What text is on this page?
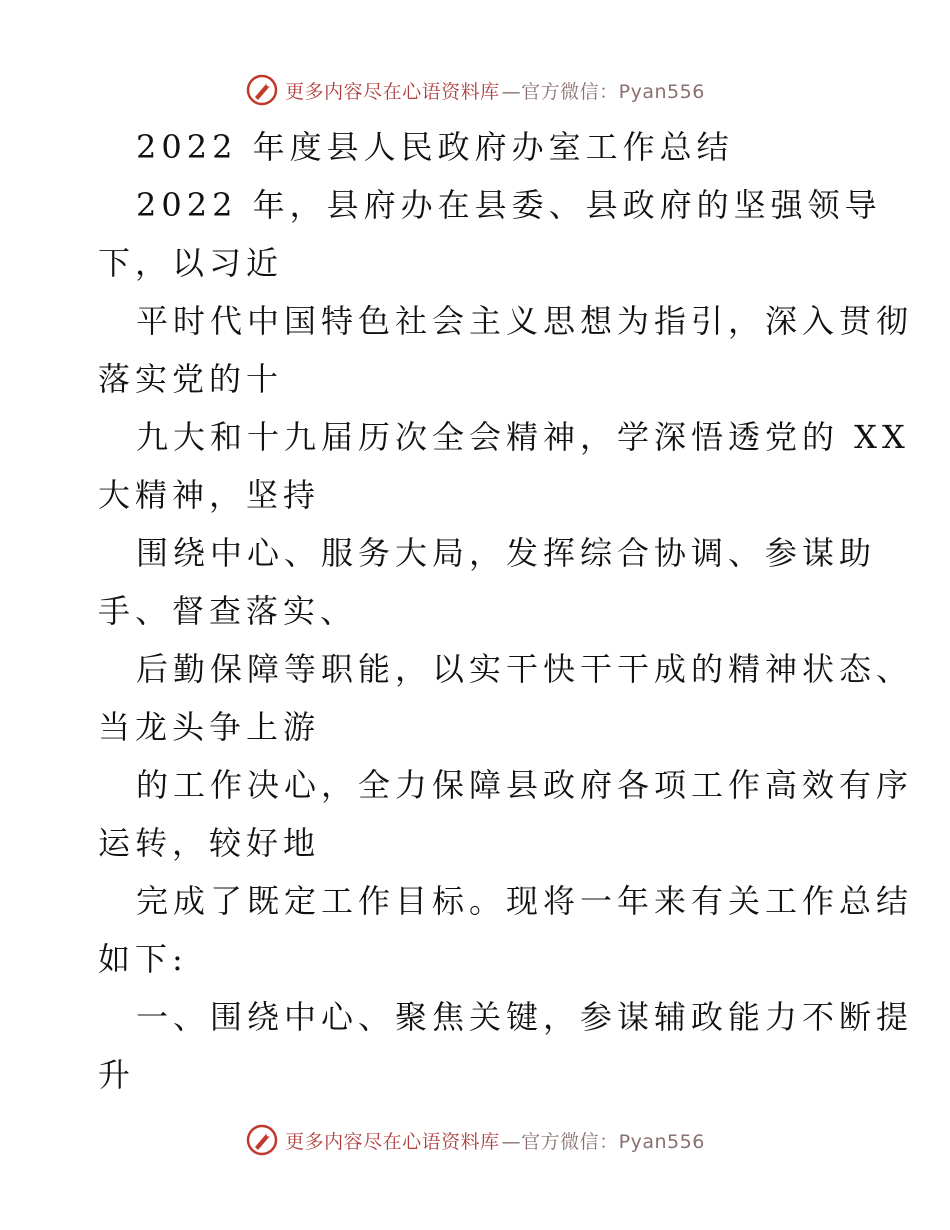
更多内容尽在心语资料库 —官方微信：Pyan556
2022 年度县人民政府办室工作总结
2022 年，县府办在县委、县政府的坚强领导
下，以习近
平时代中国特色社会主义思想为指引，深入贯彻
落实党的十
九大和十九届历次全会精神，学深悟透党的 XX
大精神，坚持
围绕中心、服务大局，发挥综合协调、参谋助
手、督查落实、
后勤保障等职能，以实干快干干成的精神状态、
当龙头争上游
的工作决心，全力保障县政府各项工作高效有序
运转，较好地
完成了既定工作目标。现将一年来有关工作总结
如下:
一、围绕中心、聚焦关键，参谋辅政能力不断提
升
更多内容尽在心语资料库 —官方微信：Pyan556
